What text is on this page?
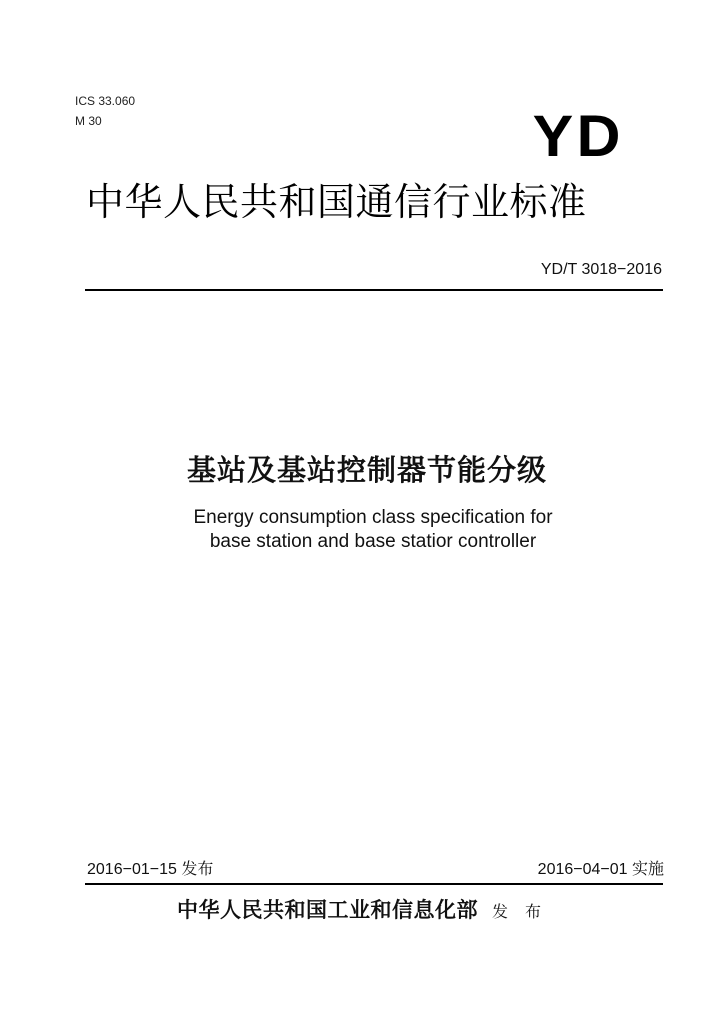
ICS 33.060
M 30	YD
中华人民共和国通信行业标准
YD/T 3018−2016
基站及基站控制器节能分级
Energy consumption class specification for
base station and base statior controller
2016−01−15 发布	2016−04−01 实施
中华人民共和国工业和信息化部 发 布
